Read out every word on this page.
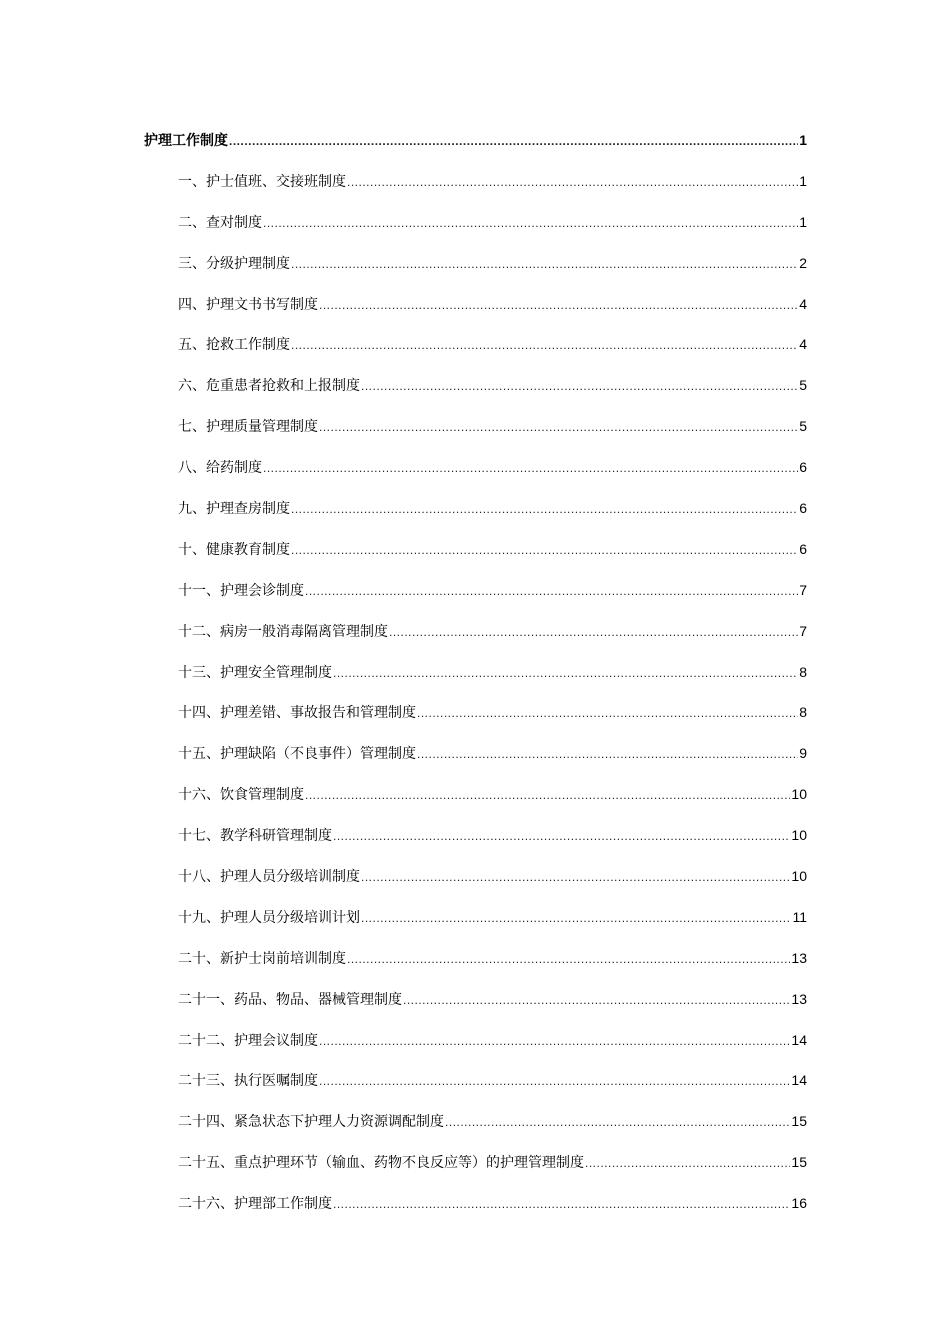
护理工作制度 .....	1
一、护士值班、交接班制度 .....	1
二、查对制度 .....	1
三、分级护理制度 .....	2
四、护理文书书写制度 .....	4
五、抢救工作制度 .....	4
六、危重患者抢救和上报制度 .....	5
七、护理质量管理制度 .....	5
八、给药制度 .....	6
九、护理查房制度 .....	6
十、健康教育制度 .....	6
十一、护理会诊制度 .....	7
十二、病房一般消毒隔离管理制度 .....	7
十三、护理安全管理制度 .....	8
十四、护理差错、事故报告和管理制度 .....	8
十五、护理缺陷（不良事件）管理制度 .....	9
十六、饮食管理制度 .....	10
十七、教学科研管理制度 .....	10
十八、护理人员分级培训制度 .....	10
十九、护理人员分级培训计划 .....	11
二十、新护士岗前培训制度 .....	13
二十一、药品、物品、器械管理制度 .....	13
二十二、护理会议制度 .....	14
二十三、执行医嘱制度 .....	14
二十四、紧急状态下护理人力资源调配制度 .....	15
二十五、重点护理环节（输血、药物不良反应等）的护理管理制度 .....	15
二十六、护理部工作制度 .....	16
